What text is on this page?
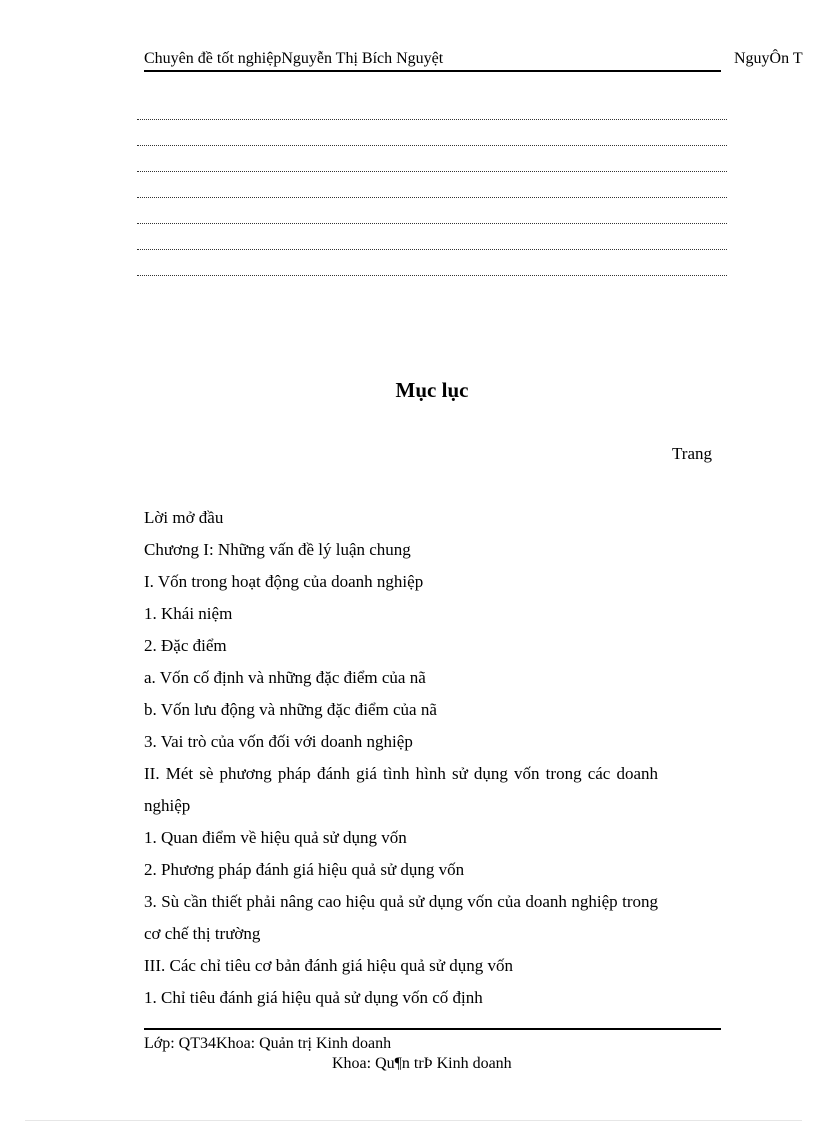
Chuyên đề tốt nghiệpNguyễn Thị Bích Nguyệt	NguyÔn T
Mục lục
Trang
Lời mở đầu
Chương I: Những vấn đề lý luận chung
I. Vốn trong hoạt động của doanh nghiệp
1. Khái niệm
2. Đặc điểm
a. Vốn cố định và những đặc điểm của nã
b. Vốn lưu động và những đặc điểm của nã
3. Vai trò của vốn đối với doanh nghiệp
II. Mét sè phương pháp đánh giá tình hình sử dụng vốn trong các doanh nghiệp
1. Quan điểm về hiệu quả sử dụng vốn
2. Phương pháp đánh giá hiệu quả sử dụng vốn
3. Sù cần thiết phải nâng cao hiệu quả sử dụng vốn của doanh nghiệp trong cơ chế thị trường
III. Các chỉ tiêu cơ bản đánh giá hiệu quả sử dụng vốn
1. Chỉ tiêu đánh giá hiệu quả sử dụng vốn cố định
Lớp: QT34Khoa: Quản trị Kinh doanh
Khoa: Qu¶n trÞ Kinh doanh
